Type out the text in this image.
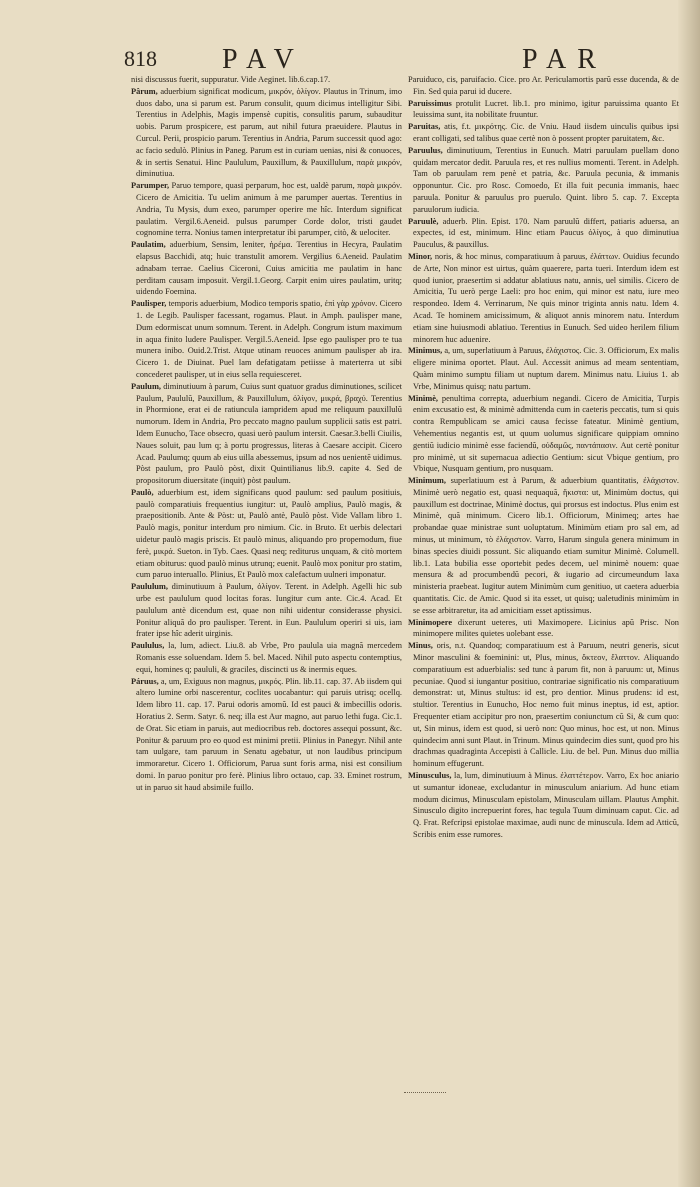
818 PAV	PAR

nisi discussus fuerit, suppuratur. Vide Aeginet. lib.6.cap.17.

Pârum, aduerbium significat modicum, μικρόν, ὀλίγον. Plautus in Trinum, imo duos dabo, una si parum est. Parum consulit, quum dicimus intelligitur Sibi. Terentius in Adelphis, Magis impensè cupitis, consulitis parum, subauditur uobis. Parum prospicere, est parum, aut nihil futura praeuidere. Plautus in Curcul. Perii, prospicio parum. Terentius in Andria, Parum successit quod ago: ac facio sedulò. Plinius in Paneg. Parum est in curiam uenias, nisi & conuoces, & in sertis Senatui. Hinc Paululum, Pauxillum, & Pauxillulum, παρὰ μικρόν, diminutiua.

Parumper, Paruo tempore, quasi perparum, hoc est, ualdè parum, παρὰ μικρόν. Cicero de Amicitia. Tu uelim animum à me parumper auertas. Terentius in Andria, Tu Mysis, dum exeo, parumper operire me hîc. Interdum significat paulatim. Vergil.6.Aeneid. pulsus parumper Corde dolor, tristi gaudet cognomine terra. Nonius tamen interpretatur ibi parumper, citò, & uelociter.

Paulatim, aduerbium, Sensim, leniter, ἠρέμα. Terentius in Hecyra, Paulatim elapsus Bacchidi, atq; huic transtulit amorem. Vergilius 6.Aeneid. Paulatim adnabam terrae. Caelius Ciceroni, Cuius amicitia me paulatim in hanc perditam causam imposuit. Vergil.1.Georg. Carpit enim uires paulatim, uritq; uidendo Foemina.

Paulisper, temporis aduerbium, Modico temporis spatio, ἐπὶ γὰρ χρόνον. Cicero 1. de Legib. Paulisper facessant, rogamus. Plaut. in Amph. paulisper mane, Dum edormiscat unum somnum. Terent. in Adelph. Congrum istum maximum in aqua finito ludere Paulisper. Vergil.5.Aeneid. Ipse ego paulisper pro te tua munera inibo. Ouid.2.Trist. Atque utinam reuoces animum paulisper ab ira. Cicero 1. de Diuinat. Puel lam defatigatam petiisse à materterra ut sibi concederet paulisper, ut in eius sella requiesceret.

Paulum, diminutiuum à parum, Cuius sunt quatuor gradus diminutiones, scilicet Paulum, Paululũ, Pauxillum, & Pauxillulum, ὀλίγον, μικρά, βραχύ. Terentius in Phormione, erat ei de ratiuncula iampridem apud me reliquum pauxillulũ numorum. Idem in Andria, Pro peccato magno paulum supplicii satis est patri. Idem Eunucho, Tace obsecro, quasi uerò paulum intersit. Caesar.3.belli Ciuilis, Naues soluit, pau lum q; à portu progressus, literas à Caesare accipit. Cicero Acad. Paulumq; quum ab eius uilla abessemus, ipsum ad nos uenientẽ uidimus. Pòst paulum, pro Paulò pòst, dixit Quintilianus lib.9. capite 4. Sed de propositorum diuersitate (inquit) pòst paulum.

Paulò, aduerbium est, idem significans quod paulum: sed paulum positiuis, paulò comparatiuis frequentius iungitur: ut, Paulò amplius, Paulò magis, & praepositionib. Ante & Pòst: ut, Paulò antè, Paulò pòst. Vide Vallam libro 1. Paulò magis, ponitur interdum pro nimium. Cic. in Bruto. Et uerbis delectari uidetur paulò magis priscis. Et paulò minus, aliquando pro propemodum, fiue ferè, μικρά. Sueton. in Tyb. Caes. Quasi neq; rediturus unquam, & citò mortem etiam obiturus: quod paulò minus utrunq; euenit. Paulò mox ponitur pro statim, cum paruo interuallo. Plinius, Et Paulò mox calefactum uulneri imponatur.

Paululum, diminutiuum à Paulum, ὀλίγον. Terent. in Adelph. Agelli hic sub urbe est paululum quod locitas foras. Iungitur cum ante. Cic.4. Acad. Et paululum antè dicendum est, quae non nihi uidentur considerasse physici. Ponitur aliquã do pro paulisper. Terent. in Eun. Paululum operiri si uis, iam frater ipse hîc aderit uirginis.

Paululus, la, lum, adiect. Liu.8. ab Vrbe, Pro paulula uia magnã mercedem Romanis esse soluendam. Idem 5. bel. Maced. Nihil puto aspectu contemptius, equi, homines q; paululi, & graciles, discincti us & inermis eques.

Páruus, a, um, Exiguus non magnus, μικρός. Plin. lib.11. cap. 37. Ab iisdem qui altero lumine orbi nascerentur, coclites uocabantur: qui paruis utrisq; ocellq. Idem libro 11. cap. 17. Parui odoris amomũ. Id est pauci & imbecillis odoris. Horatius 2. Serm. Satyr. 6. neq; illa est Aur magno, aut paruo lethi fuga. Cic.1. de Orat. Sic etiam in paruis, aut mediocribus reb. doctores assequi possunt, &c. Ponitur & paruum pro eo quod est minimi pretii. Plinius in Panegyr. Nihil ante tam uulgare, tam paruum in Senatu agebatur, ut non laudibus principum immoraretur. Cicero 1. Officiorum, Parua sunt foris arma, nisi est consilium domi. In paruo ponitur pro ferè. Plinius libro octauo, cap. 33. Eminet rostrum, ut in paruo sit haud absimile fuillo.

Paruiduco, cis, paruifacio. Cice. pro Ar. Periculamortis parũ esse ducenda, & de Fin. Sed quia parui id ducere.

Paruissimus protulit Lucret. lib.1. pro minimo, igitur paruissima quanto Et leuissima sunt, ita nobilitate fruuntur.

Paruitas, atis, f.t. μικρότης. Cic. de Vniu. Haud iisdem uinculis quibus ipsi erant colligati, sed talibus quae certè non ò possent propter paruitatem, &c.

Paruulus, diminutiuum, Terentius in Eunuch. Matri paruulam puellam dono quidam mercator dedit. Paruula res, et res nullius momenti. Terent. in Adelph. Tam ob paruulam rem penè et patria, &c. Paruula pecunia, & immanis opponuntur. Cic. pro Rosc. Comoedo, Et illa fuit pecunia immanis, haec paruula. Ponitur & paruulus pro puerulo. Quint. libro 5. cap. 7. Excepta paruulorum iudicia.

Paruulè, aduerb. Plin. Epist. 170. Nam paruulũ differt, patiaris aduersa, an expectes, id est, minimum. Hinc etiam Paucus ὀλίγος, à quo diminutiua Pauculus, & pauxillus.

Minor, noris, & hoc minus, comparatiuum à paruus, ἐλάττων. Ouidius fecundo de Arte, Non minor est uirtus, quàm quaerere, parta tueri. Interdum idem est quod iunior, praesertim si addatur ablatiuus natu, annis, uel similis. Cicero de Amicitia, Tu uerò perge Laeli: pro hoc enim, qui minor est natu, iure meo respondeo. Idem 4. Verrinarum, Ne quis minor triginta annis natu. Idem 4. Acad. Te hominem amicissimum, & aliquot annis minorem natu. Interdum etiam sine huiusmodi ablatiuo. Terentius in Eunuch. Sed uideo herilem filium minorem huc aduenire.

Minimus, a, um, superlatiuum à Paruus, ἐλάχιστος. Cic. 3. Officiorum, Ex malis eligere minima oportet. Plaut. Aul. Accessit animus ad meam sententiam, Quàm minimo sumptu filiam ut nuptum darem. Minimus natu. Liuius 1. ab Vrbe, Minimus quisq; natu partum.

Minimè, penultima correpta, aduerbium negandi. Cicero de Amicitia, Turpis enim excusatio est, & minimè admittenda cum in caeteris peccatis, tum si quis contra Rempublicam se amici causa fecisse fateatur. Minimè gentium, Vehementius negantis est, ut quum uolumus significare quippiam omnino gentiũ iudicio minimè esse faciendũ, οὐδαμῶς, παντάπασιν. Aut certè ponitur pro minimè, ut sit supernacua adiectio Gentium: sicut Vbique gentium, pro Vbique, Nusquam gentium, pro nusquam.

Minimum, superlatiuum est à Parum, & aduerbium quantitatis, ἐλάχιστον. Minimè uerò negatio est, quasi nequaquã, ἥκιστα: ut, Minimùm doctus, qui pauxillum est doctrinae, Minimè doctus, qui prorsus est indoctus. Plus enim est Minimè, quã minimum. Cicero lib.1. Officiorum, Minimeq; artes hae probandae quae ministrae sunt uoluptatum. Minimùm etiam pro sal em, ad minus, ut minimum, τὸ ἐλάχιστον. Varro, Harum singula genera minimum in binas species diuidi possunt. Sic aliquando etiam sumitur Minimè. Columell. lib.1. Lata bubilia esse oportebit pedes decem, uel minimè nouem: quae mensura & ad procumbendũ pecori, & iugario ad circumeundum laxa ministeria praebeat. Iugitur autem Minimùm cum genitiuo, ut caetera aduerbia quantitatis. Cic. de Amic. Quod si ita esset, ut quisq; ualetudinis minimùm in se esse arbitraretur, ita ad amicitiam esset aptissimus.

Minimopere dixerunt ueteres, uti Maximopere. Licinius apũ Prisc. Non minimopere milites quietes uolebant esse.

Minus, oris, n.t. Quandoq; comparatiuum est à Paruum, neutri generis, sicut Minor masculini & foeminini: ut, Plus, minus, ὅκτεον, ἔλαττον. Aliquando comparatiuum est aduerbialis: sed tunc à parum fit, non à paruum: ut, Minus pecuniae. Quod si iungantur positiuo, contrariae significatio nis comparatiuum demonstrat: ut, Minus stultus: id est, pro dentior. Minus prudens: id est, stultior. Terentius in Eunucho, Hoc nemo fuit minus ineptus, id est, aptior. Frequenter etiam accipitur pro non, praesertim coniunctum cũ Si, & cum quo: ut, Sin minus, idem est quod, si uerò non: Quo minus, hoc est, ut non. Minus quindecim anni sunt Plaut. in Trinum. Minus quindecim dies sunt, quod pro his drachmas quadraginta Accepisti à Callicle. Liu. de bel. Pun. Minus duo millia hominum effugerunt.

Minusculus, la, lum, diminutiuum à Minus. ἐλαττέτερον. Varro, Ex hoc aniario ut sumantur idoneae, excludantur in minusculum aniarium. Ad hunc etiam modum dicimus, Minusculam epistolam, Minusculam uillam. Plautus Amphit. Sinusculo digito increpuerint fores, hac tegula Tuum diminuam caput. Cic. ad Q. Frat. Refcripsi epistolae maximae, audi nunc de minuscula. Idem ad Atticũ, Scribis enim esse rumores.
